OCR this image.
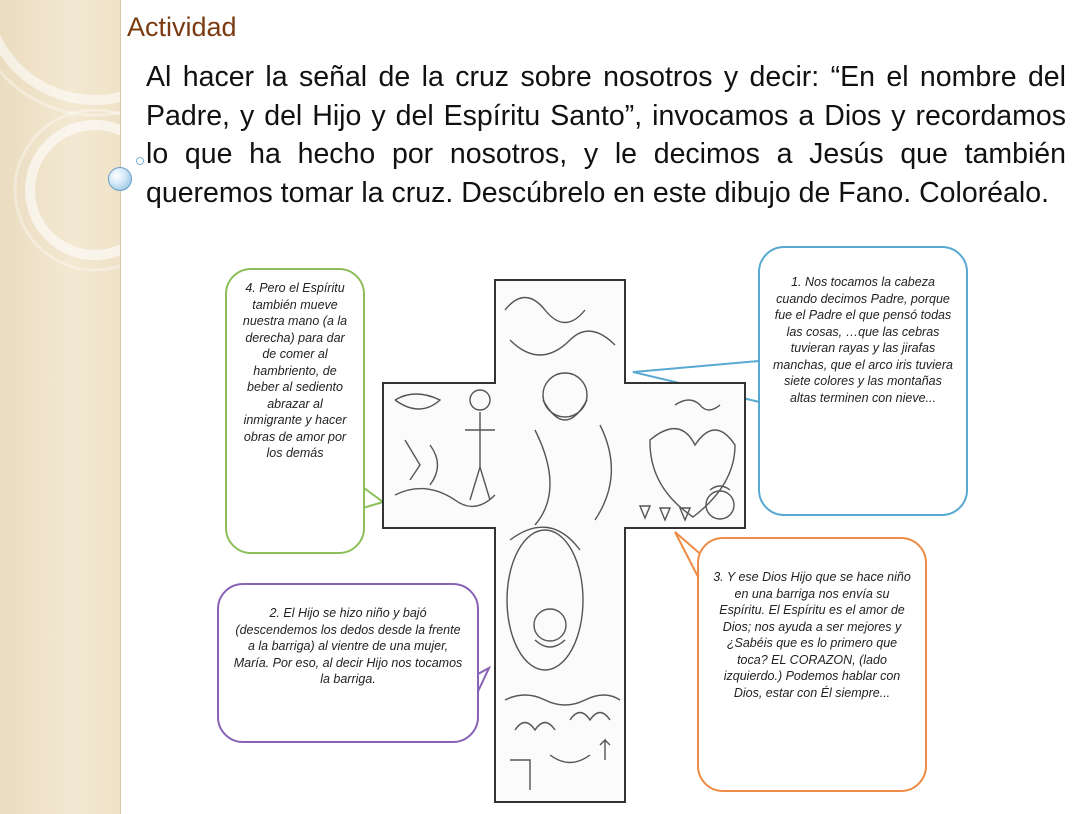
Actividad

Al hacer la señal de la cruz sobre nosotros y decir: “En el nombre del Padre, y del Hijo y del Espíritu Santo”, invocamos a Dios y recordamos lo que ha hecho por nosotros, y le decimos a Jesús que también queremos tomar la cruz. Descúbrelo en este dibujo de Fano. Coloréalo.

4. Pero el Espíritu también mueve nuestra mano (a la derecha) para dar de comer al hambriento, de beber al sediento abrazar al inmigrante y hacer obras de amor por los demás
1. Nos tocamos la cabeza cuando decimos Padre, porque fue el Padre el que pensó todas las cosas, …que las cebras tuvieran rayas y las jirafas manchas, que el arco iris tuviera siete colores y las montañas altas terminen con nieve...
2. El Hijo se hizo niño y bajó (descendemos los dedos desde la frente a la barriga) al vientre de una mujer, María. Por eso, al decir Hijo nos tocamos la barriga.
3. Y ese Dios Hijo que se hace niño en una barriga nos envía su Espíritu. El Espíritu es el amor de Dios; nos ayuda a ser mejores y ¿Sabéis que es lo primero que toca? EL CORAZON, (lado izquierdo.) Podemos hablar con Dios, estar con Él siempre...
